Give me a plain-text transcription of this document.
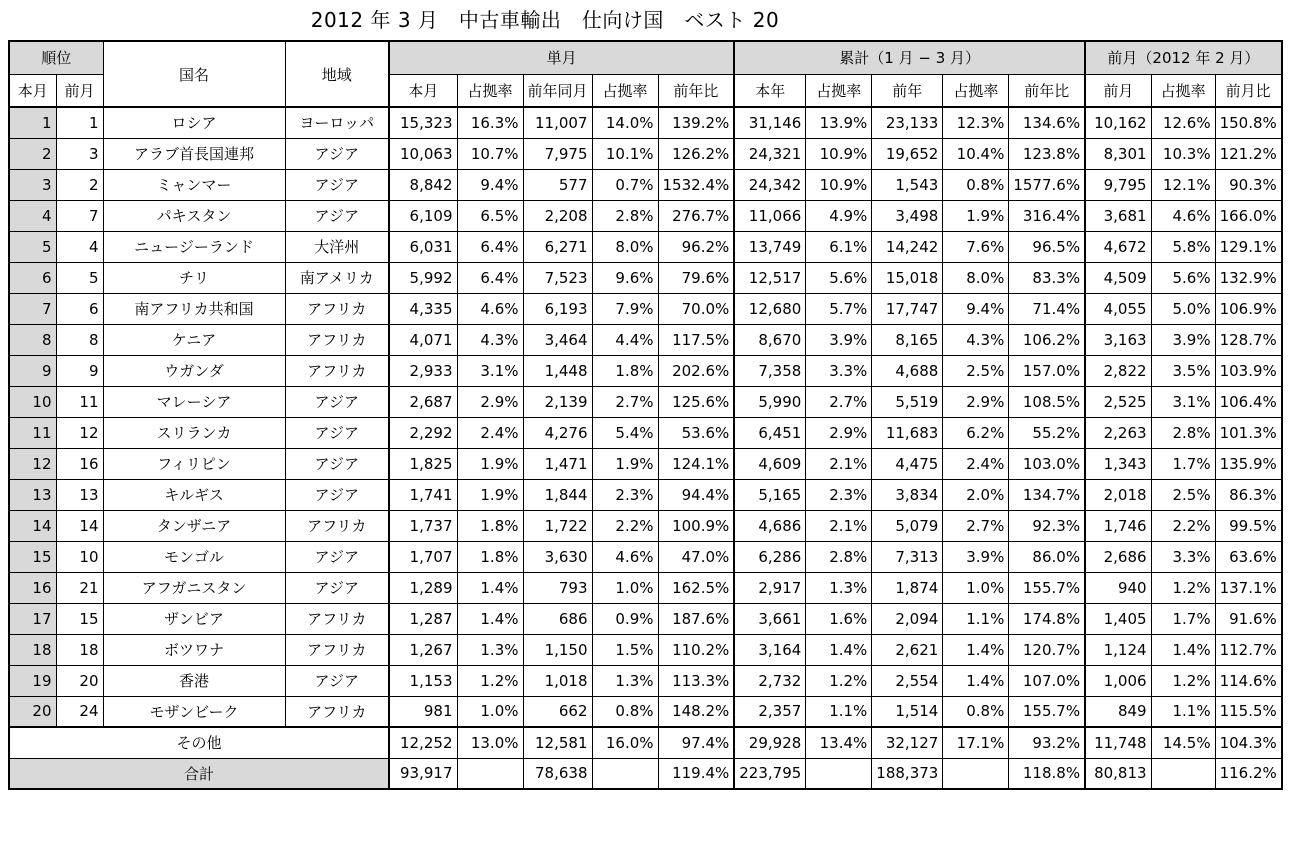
2012 年 3 月　中古車輸出　仕向け国　ベスト 20
順位		国名	地域	単月					累計（1 月 − 3 月）					前月（2012 年 2 月）		
本月	前月			本月	占拠率	前年同月	占拠率	前年比	本年	占拠率	前年	占拠率	前年比	前月	占拠率	前月比
1	1	ロシア	ヨーロッパ	15,323	16.3%	11,007	14.0%	139.2%	31,146	13.9%	23,133	12.3%	134.6%	10,162	12.6%	150.8%
2	3	アラブ首長国連邦	アジア	10,063	10.7%	7,975	10.1%	126.2%	24,321	10.9%	19,652	10.4%	123.8%	8,301	10.3%	121.2%
3	2	ミャンマー	アジア	8,842	9.4%	577	0.7%	1532.4%	24,342	10.9%	1,543	0.8%	1577.6%	9,795	12.1%	90.3%
4	7	パキスタン	アジア	6,109	6.5%	2,208	2.8%	276.7%	11,066	4.9%	3,498	1.9%	316.4%	3,681	4.6%	166.0%
5	4	ニュージーランド	大洋州	6,031	6.4%	6,271	8.0%	96.2%	13,749	6.1%	14,242	7.6%	96.5%	4,672	5.8%	129.1%
6	5	チリ	南アメリカ	5,992	6.4%	7,523	9.6%	79.6%	12,517	5.6%	15,018	8.0%	83.3%	4,509	5.6%	132.9%
7	6	南アフリカ共和国	アフリカ	4,335	4.6%	6,193	7.9%	70.0%	12,680	5.7%	17,747	9.4%	71.4%	4,055	5.0%	106.9%
8	8	ケニア	アフリカ	4,071	4.3%	3,464	4.4%	117.5%	8,670	3.9%	8,165	4.3%	106.2%	3,163	3.9%	128.7%
9	9	ウガンダ	アフリカ	2,933	3.1%	1,448	1.8%	202.6%	7,358	3.3%	4,688	2.5%	157.0%	2,822	3.5%	103.9%
10	11	マレーシア	アジア	2,687	2.9%	2,139	2.7%	125.6%	5,990	2.7%	5,519	2.9%	108.5%	2,525	3.1%	106.4%
11	12	スリランカ	アジア	2,292	2.4%	4,276	5.4%	53.6%	6,451	2.9%	11,683	6.2%	55.2%	2,263	2.8%	101.3%
12	16	フィリピン	アジア	1,825	1.9%	1,471	1.9%	124.1%	4,609	2.1%	4,475	2.4%	103.0%	1,343	1.7%	135.9%
13	13	キルギス	アジア	1,741	1.9%	1,844	2.3%	94.4%	5,165	2.3%	3,834	2.0%	134.7%	2,018	2.5%	86.3%
14	14	タンザニア	アフリカ	1,737	1.8%	1,722	2.2%	100.9%	4,686	2.1%	5,079	2.7%	92.3%	1,746	2.2%	99.5%
15	10	モンゴル	アジア	1,707	1.8%	3,630	4.6%	47.0%	6,286	2.8%	7,313	3.9%	86.0%	2,686	3.3%	63.6%
16	21	アフガニスタン	アジア	1,289	1.4%	793	1.0%	162.5%	2,917	1.3%	1,874	1.0%	155.7%	940	1.2%	137.1%
17	15	ザンビア	アフリカ	1,287	1.4%	686	0.9%	187.6%	3,661	1.6%	2,094	1.1%	174.8%	1,405	1.7%	91.6%
18	18	ボツワナ	アフリカ	1,267	1.3%	1,150	1.5%	110.2%	3,164	1.4%	2,621	1.4%	120.7%	1,124	1.4%	112.7%
19	20	香港	アジア	1,153	1.2%	1,018	1.3%	113.3%	2,732	1.2%	2,554	1.4%	107.0%	1,006	1.2%	114.6%
20	24	モザンビーク	アフリカ	981	1.0%	662	0.8%	148.2%	2,357	1.1%	1,514	0.8%	155.7%	849	1.1%	115.5%
その他				12,252	13.0%	12,581	16.0%	97.4%	29,928	13.4%	32,127	17.1%	93.2%	11,748	14.5%	104.3%
合計				93,917		78,638		119.4%	223,795		188,373		118.8%	80,813		116.2%
